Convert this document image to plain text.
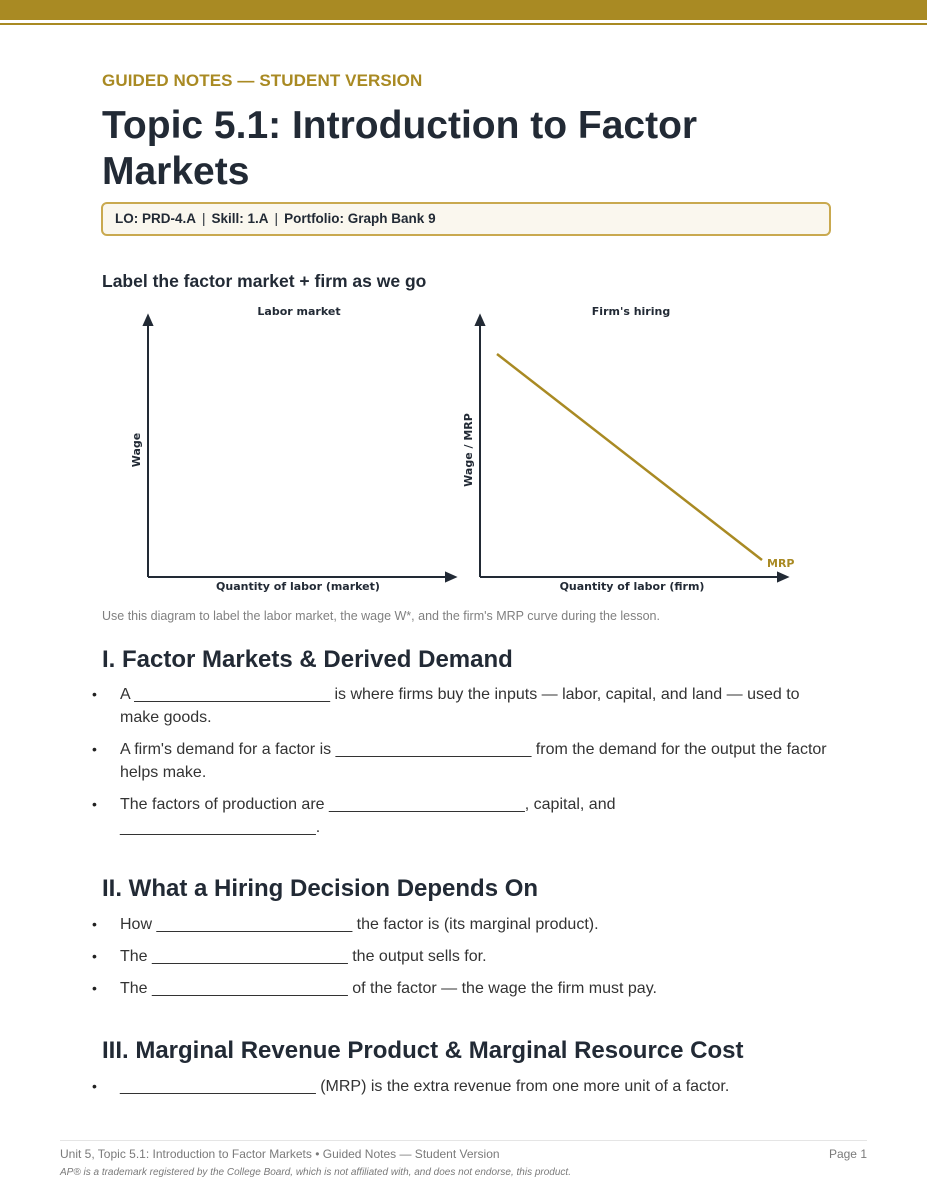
GUIDED NOTES — STUDENT VERSION
Topic 5.1: Introduction to Factor Markets
LO: PRD-4.A | Skill: 1.A | Portfolio: Graph Bank 9
Label the factor market + firm as we go
Labor market
Wage
Quantity of labor (market)
Firm's hiring
Wage / MRP
Quantity of labor (firm)
MRP
Use this diagram to label the labor market, the wage W*, and the firm's MRP curve during the lesson.
I. Factor Markets & Derived Demand
• A ______________________ is where firms buy the inputs — labor, capital, and land — used to make goods.
• A firm's demand for a factor is ______________________ from the demand for the output the factor helps make.
• The factors of production are ______________________, capital, and ______________________.
II. What a Hiring Decision Depends On
• How ______________________ the factor is (its marginal product).
• The ______________________ the output sells for.
• The ______________________ of the factor — the wage the firm must pay.
III. Marginal Revenue Product & Marginal Resource Cost
• ______________________ (MRP) is the extra revenue from one more unit of a factor.
Unit 5, Topic 5.1: Introduction to Factor Markets • Guided Notes — Student Version	Page 1
AP® is a trademark registered by the College Board, which is not affiliated with, and does not endorse, this product.
